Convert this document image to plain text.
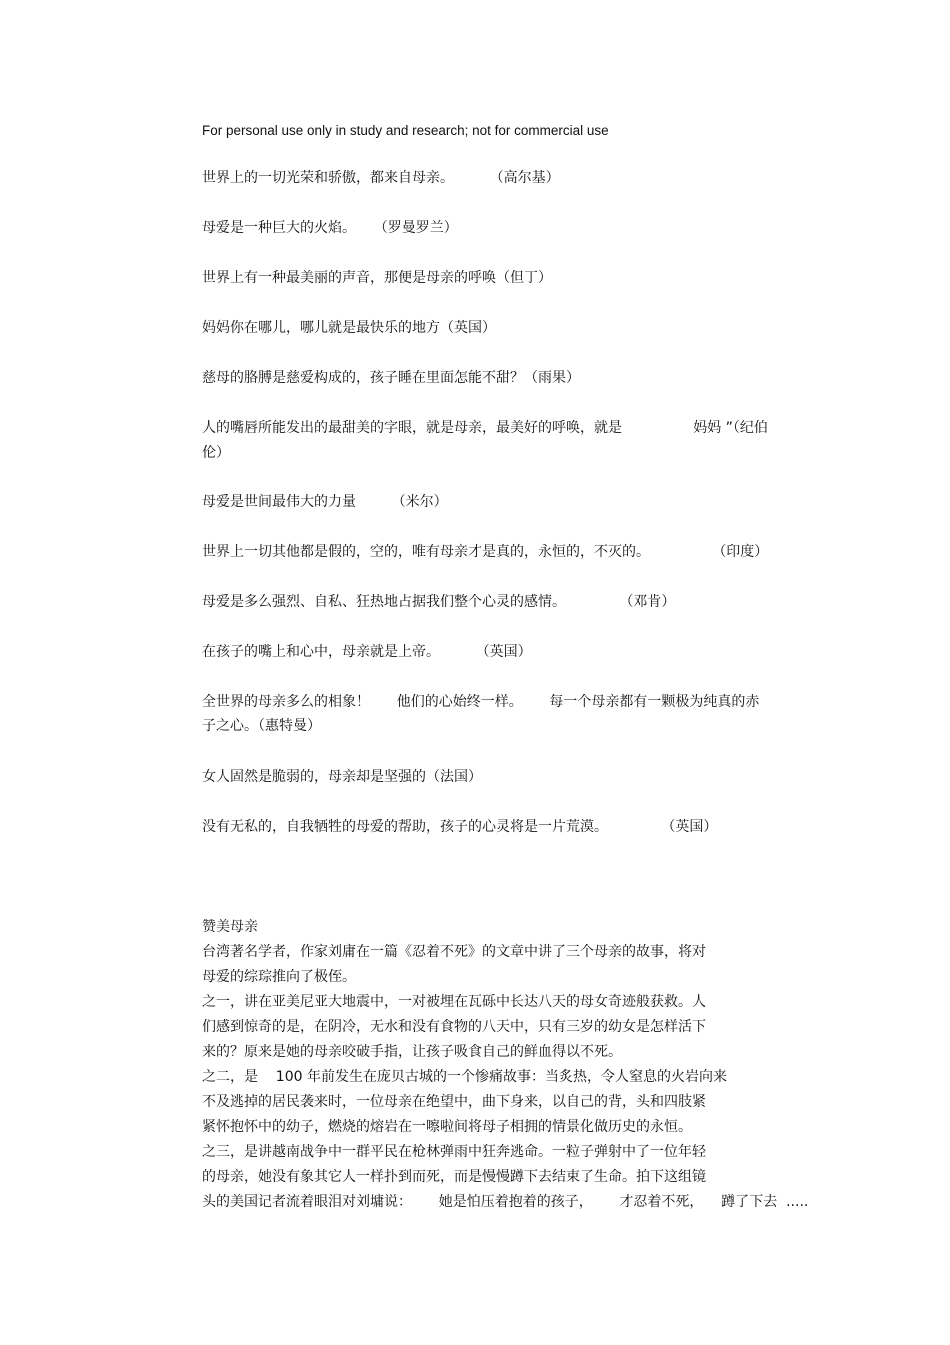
For personal use only in study and research; not for commercial use
世界上的一切光荣和骄傲，都来自母亲。        （高尔基）
母爱是一种巨大的火焰。    （罗曼罗兰）
世界上有一种最美丽的声音，那便是母亲的呼唤（但丁）
妈妈你在哪儿，哪儿就是最快乐的地方（英国）
慈母的胳膊是慈爱构成的，孩子睡在里面怎能不甜？（雨果）
人的嘴唇所能发出的最甜美的字眼，就是母亲，最美好的呼唤，就是                妈妈 ”（纪伯
伦）
母爱是世间最伟大的力量        （米尔）
世界上一切其他都是假的，空的，唯有母亲才是真的，永恒的，不灭的。              （印度）
母爱是多么强烈、自私、狂热地占据我们整个心灵的感情。            （邓肯）
在孩子的嘴上和心中，母亲就是上帝。        （英国）
全世界的母亲多么的相象！      他们的心始终一样。      每一个母亲都有一颗极为纯真的赤
子之心。（惠特曼）
女人固然是脆弱的，母亲却是坚强的（法国）
没有无私的，自我牺牲的母爱的帮助，孩子的心灵将是一片荒漠。            （英国）
赞美母亲
台湾著名学者，作家刘庸在一篇《忍着不死》的文章中讲了三个母亲的故事，将对
母爱的综琮推向了极侄。
之一，讲在亚美尼亚大地震中，一对被埋在瓦砾中长达八天的母女奇迹般获救。人
们感到惊奇的是，在阴冷，无水和没有食物的八天中，只有三岁的幼女是怎样活下
来的？原来是她的母亲咬破手指，让孩子吸食自己的鲜血得以不死。
之二，是    100 年前发生在庞贝古城的一个惨痛故事：当炙热，令人窒息的火岩向来
不及逃掉的居民袭来时，一位母亲在绝望中，曲下身来，以自己的背，头和四肢紧
紧怀抱怀中的幼子，燃烧的熔岩在一嚓啦间将母子相拥的情景化做历史的永恒。
之三，是讲越南战争中一群平民在枪林弹雨中狂奔逃命。一粒子弹射中了一位年轻
的母亲，她没有象其它人一样扑到而死，而是慢慢蹲下去结束了生命。拍下这组镜
头的美国记者流着眼泪对刘墉说：      她是怕压着抱着的孩子，      才忍着不死，    蹲了下去  .....
